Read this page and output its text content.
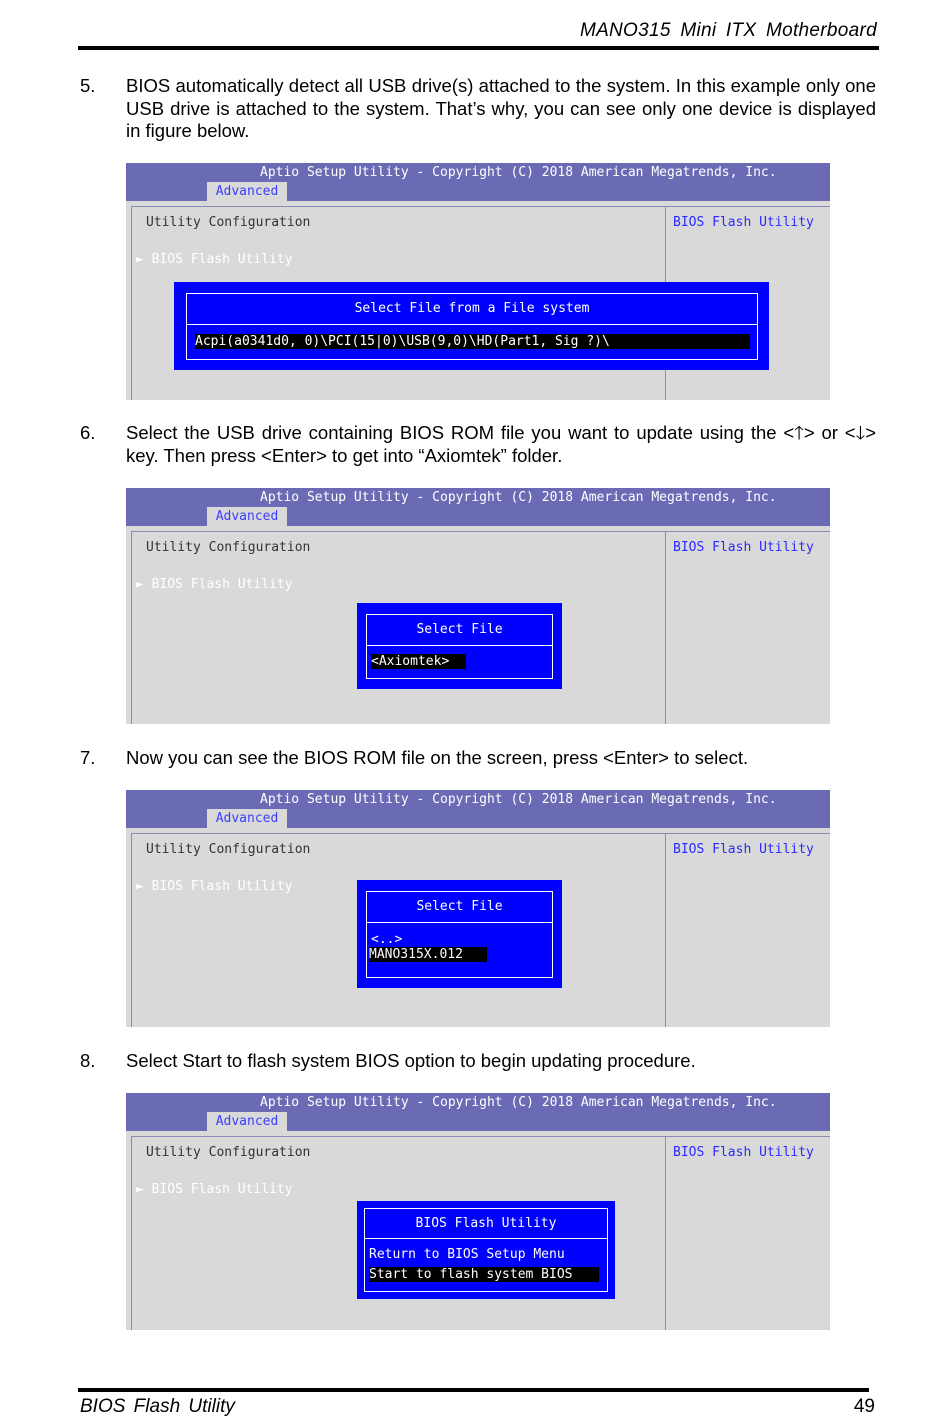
MANO315 Mini ITX Motherboard
5. BIOS automatically detect all USB drive(s) attached to the system. In this example only one USB drive is attached to the system. That’s why, you can see only one device is displayed in figure below.
Aptio Setup Utility - Copyright (C) 2018 American Megatrends, Inc.
Advanced
Utility Configuration
► BIOS Flash Utility
BIOS Flash Utility
Select File from a File system
Acpi(a0341d0, 0)\PCI(15|0)\USB(9,0)\HD(Part1, Sig ?)\
6. Select the USB drive containing BIOS ROM file you want to update using the <🡑> or <🡓> key. Then press <Enter> to get into “Axiomtek” folder.
Aptio Setup Utility - Copyright (C) 2018 American Megatrends, Inc.
Advanced
Utility Configuration
► BIOS Flash Utility
BIOS Flash Utility
Select File
<Axiomtek>
7. Now you can see the BIOS ROM file on the screen, press <Enter> to select.
Aptio Setup Utility - Copyright (C) 2018 American Megatrends, Inc.
Advanced
Utility Configuration
► BIOS Flash Utility
BIOS Flash Utility
Select File
<..>
MANO315X.012
8. Select Start to flash system BIOS option to begin updating procedure.
Aptio Setup Utility - Copyright (C) 2018 American Megatrends, Inc.
Advanced
Utility Configuration
► BIOS Flash Utility
BIOS Flash Utility
BIOS Flash Utility
Return to BIOS Setup Menu
Start to flash system BIOS
BIOS Flash Utility	49
